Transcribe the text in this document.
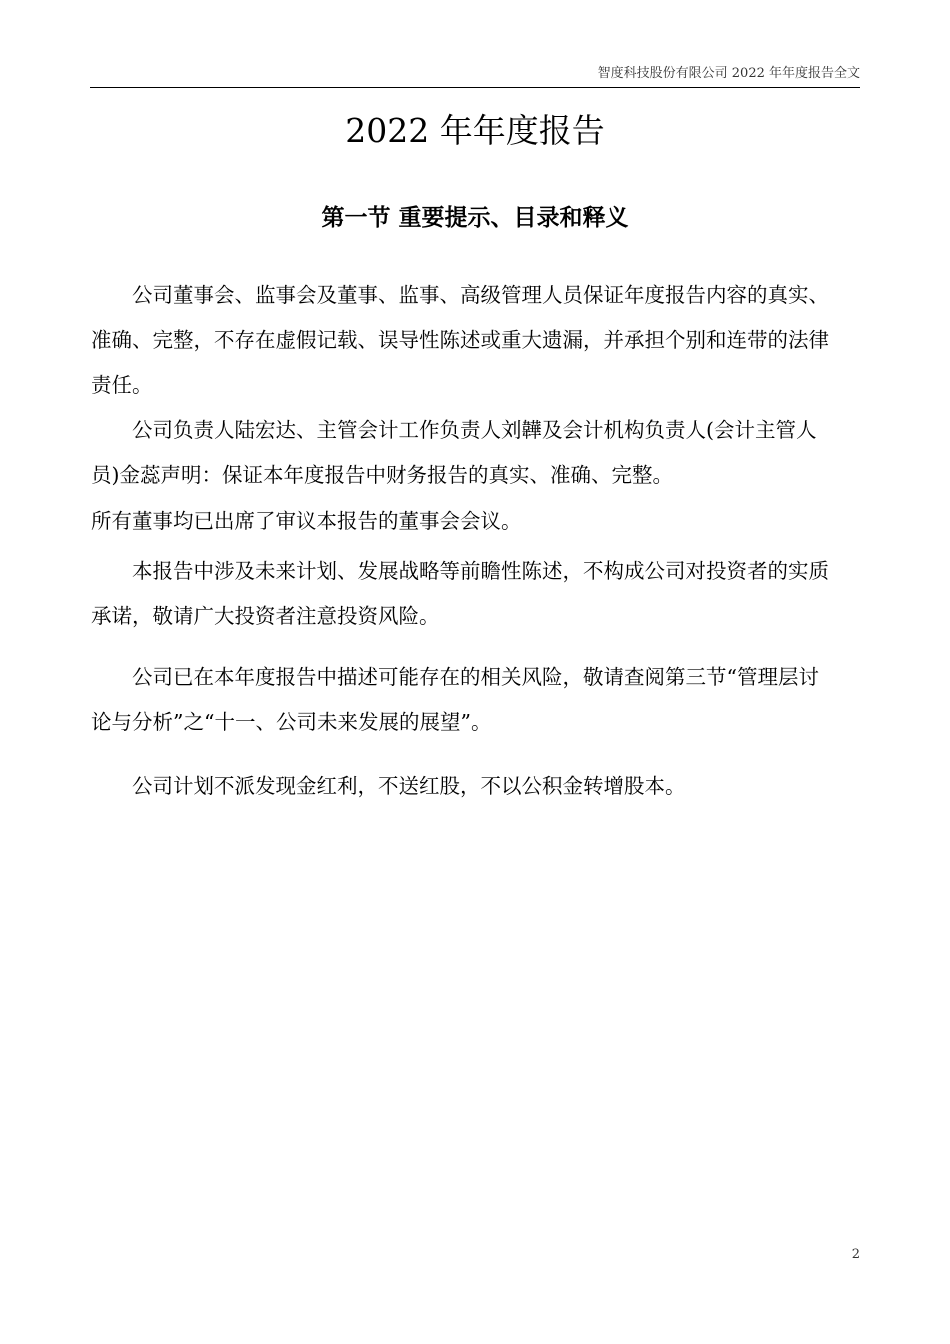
智度科技股份有限公司 2022 年年度报告全文
2022 年年度报告
第一节 重要提示、目录和释义

公司董事会、监事会及董事、监事、高级管理人员保证年度报告内容的真实、准确、完整，不存在虚假记载、误导性陈述或重大遗漏，并承担个别和连带的法律责任。

公司负责人陆宏达、主管会计工作负责人刘韡及会计机构负责人(会计主管人员)金蕊声明：保证本年度报告中财务报告的真实、准确、完整。

所有董事均已出席了审议本报告的董事会会议。

本报告中涉及未来计划、发展战略等前瞻性陈述，不构成公司对投资者的实质承诺，敬请广大投资者注意投资风险。

公司已在本年度报告中描述可能存在的相关风险，敬请查阅第三节“管理层讨论与分析”之“十一、公司未来发展的展望”。

公司计划不派发现金红利，不送红股，不以公积金转增股本。

2
